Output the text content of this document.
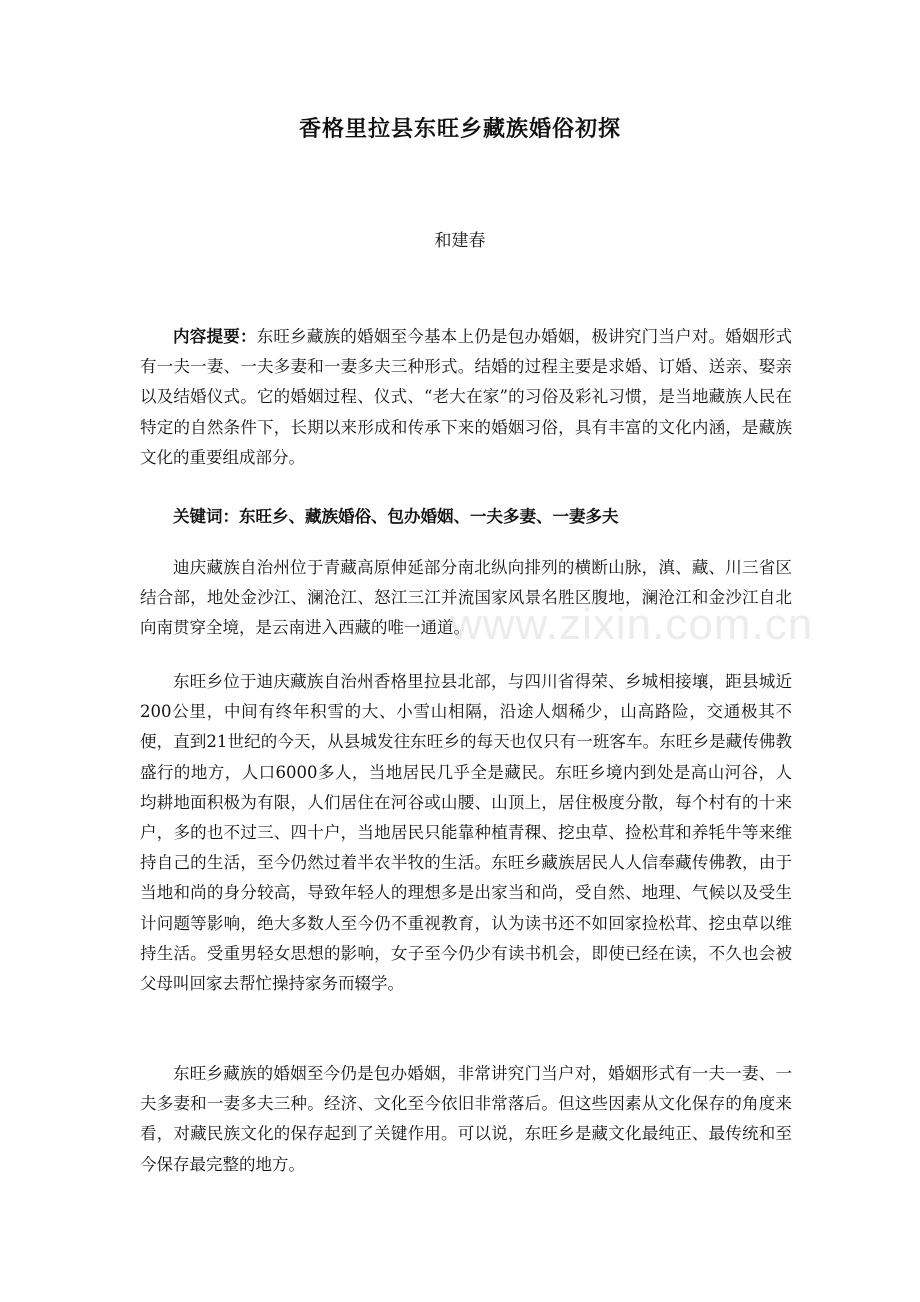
香格里拉县东旺乡藏族婚俗初探

和建春

内容提要：东旺乡藏族的婚姻至今基本上仍是包办婚姻，极讲究门当户对。婚姻形式有一夫一妻、一夫多妻和一妻多夫三种形式。结婚的过程主要是求婚、订婚、送亲、娶亲以及结婚仪式。它的婚姻过程、仪式、“老大在家”的习俗及彩礼习惯，是当地藏族人民在特定的自然条件下，长期以来形成和传承下来的婚姻习俗，具有丰富的文化内涵，是藏族文化的重要组成部分。

关键词：东旺乡、藏族婚俗、包办婚姻、一夫多妻、一妻多夫

迪庆藏族自治州位于青藏高原伸延部分南北纵向排列的横断山脉，滇、藏、川三省区结合部，地处金沙江、澜沧江、怒江三江并流国家风景名胜区腹地，澜沧江和金沙江自北向南贯穿全境，是云南进入西藏的唯一通道。

东旺乡位于迪庆藏族自治州香格里拉县北部，与四川省得荣、乡城相接壤，距县城近200公里，中间有终年积雪的大、小雪山相隔，沿途人烟稀少，山高路险，交通极其不便，直到21世纪的今天，从县城发往东旺乡的每天也仅只有一班客车。东旺乡是藏传佛教盛行的地方，人口6000多人，当地居民几乎全是藏民。东旺乡境内到处是高山河谷，人均耕地面积极为有限，人们居住在河谷或山腰、山顶上，居住极度分散，每个村有的十来户，多的也不过三、四十户，当地居民只能靠种植青稞、挖虫草、捡松茸和养牦牛等来维持自己的生活，至今仍然过着半农半牧的生活。东旺乡藏族居民人人信奉藏传佛教，由于当地和尚的身分较高，导致年轻人的理想多是出家当和尚，受自然、地理、气候以及受生计问题等影响，绝大多数人至今仍不重视教育，认为读书还不如回家捡松茸、挖虫草以维持生活。受重男轻女思想的影响，女子至今仍少有读书机会，即使已经在读，不久也会被父母叫回家去帮忙操持家务而辍学。

东旺乡藏族的婚姻至今仍是包办婚姻，非常讲究门当户对，婚姻形式有一夫一妻、一夫多妻和一妻多夫三种。经济、文化至今依旧非常落后。但这些因素从文化保存的角度来看，对藏民族文化的保存起到了关键作用。可以说，东旺乡是藏文化最纯正、最传统和至今保存最完整的地方。

www.zixin.com.cn
